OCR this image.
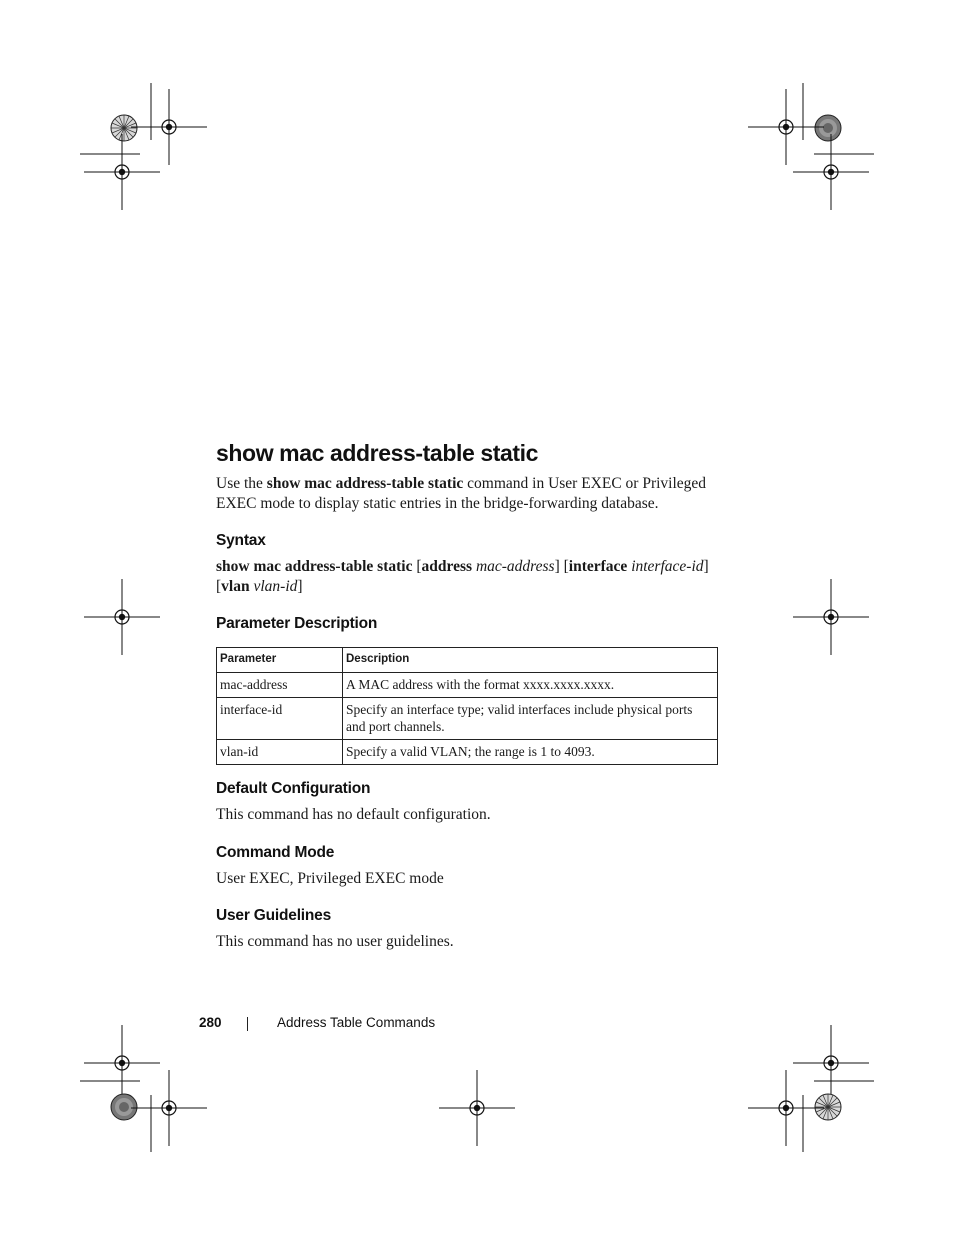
show mac address-table static

Use the show mac address-table static command in User EXEC or Privileged EXEC mode to display static entries in the bridge-forwarding database.

Syntax

show mac address-table static [address mac-address] [interface interface-id] [vlan vlan-id]

Parameter Description
Parameter	Description
mac-address	A MAC address with the format xxxx.xxxx.xxxx.
interface-id	Specify an interface type; valid interfaces include physical ports and port channels.
vlan-id	Specify a valid VLAN; the range is 1 to 4093.
Default Configuration

This command has no default configuration.

Command Mode

User EXEC, Privileged EXEC mode

User Guidelines

This command has no user guidelines.

280	Address Table Commands
